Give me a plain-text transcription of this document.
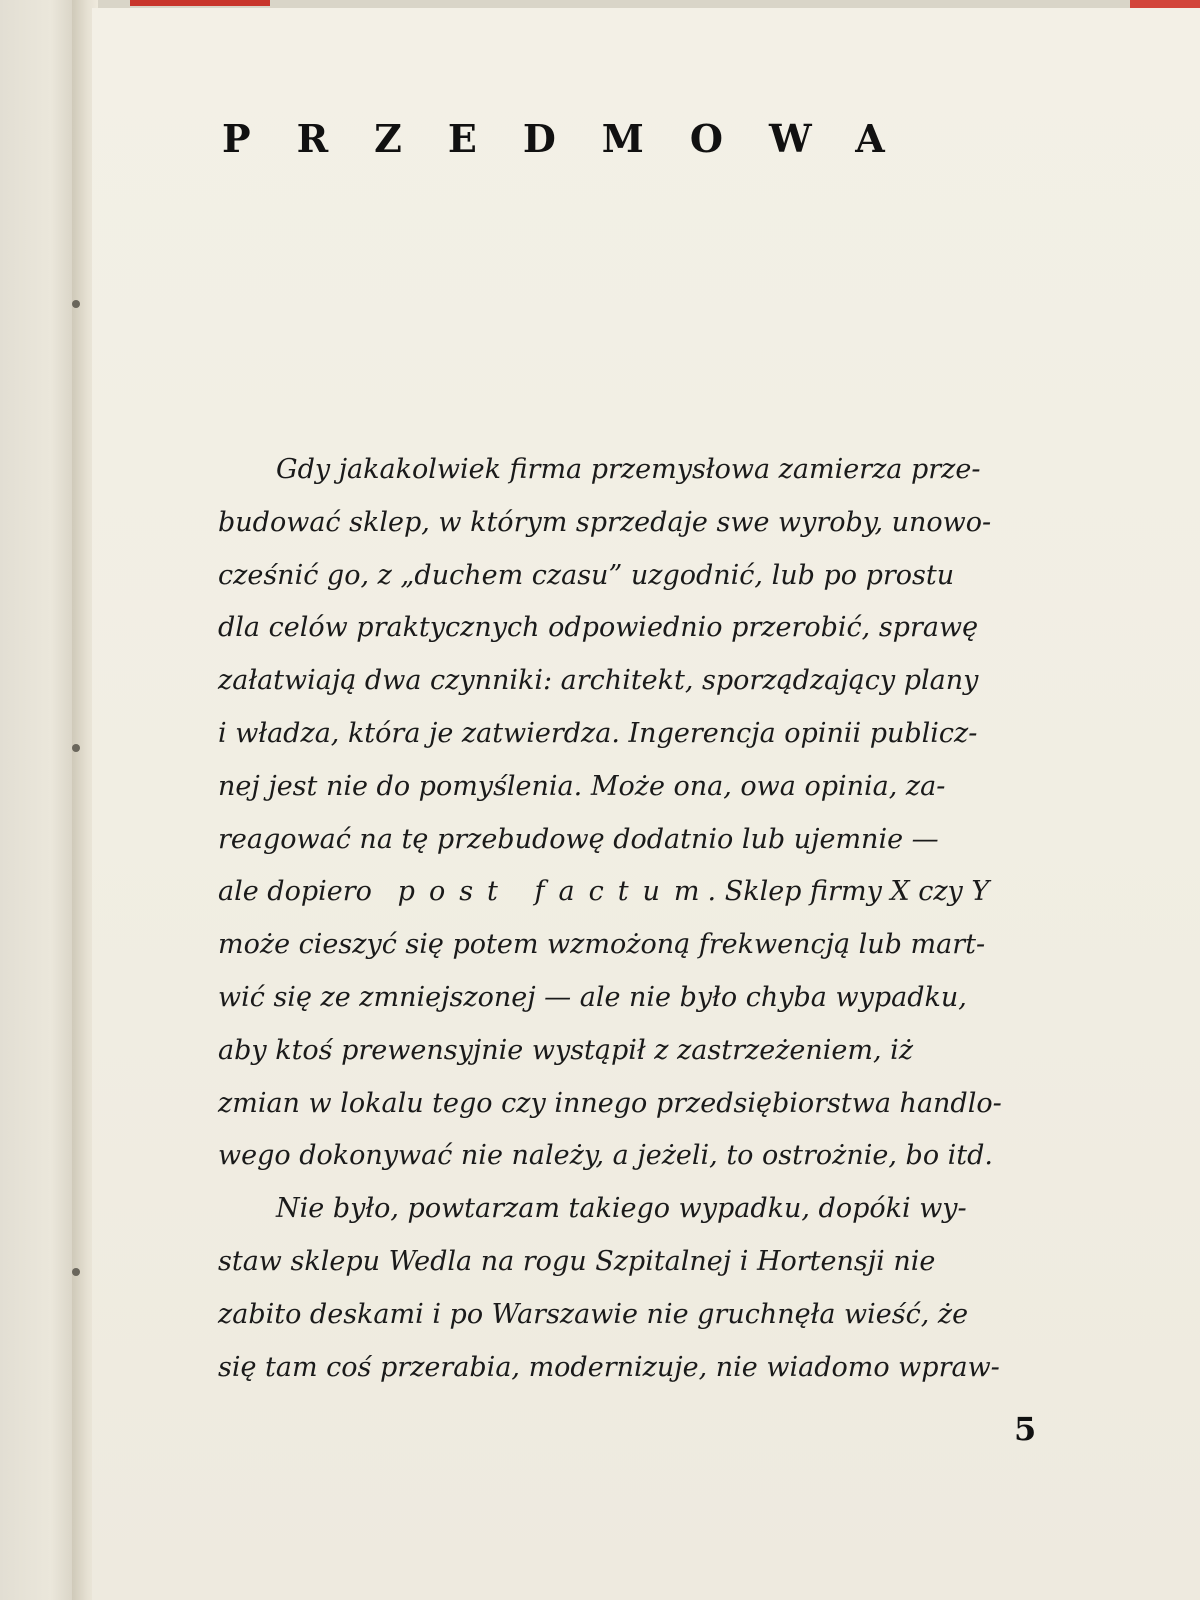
PRZEDMOWA
Gdy jakakolwiek firma przemysłowa zamierza prze-
budować sklep, w którym sprzedaje swe wyroby, unowo-
cześnić go, z „duchem czasu” uzgodnić, lub po prostu
dla celów praktycznych odpowiednio przerobić, sprawę
załatwiają dwa czynniki: architekt, sporządzający plany
i władza, która je zatwierdza. Ingerencja opinii publicz-
nej jest nie do pomyślenia. Może ona, owa opinia, za-
reagować na tę przebudowę dodatnio lub ujemnie —
ale dopiero
post factum
. Sklep firmy X czy Y
może cieszyć się potem wzmożoną frekwencją lub mart-
wić się ze zmniejszonej — ale nie było chyba wypadku,
aby ktoś prewensyjnie wystąpił z zastrzeżeniem, iż
zmian w lokalu tego czy innego przedsiębiorstwa handlo-
wego dokonywać nie należy, a jeżeli, to ostrożnie, bo itd.
Nie było, powtarzam takiego wypadku, dopóki wy-
staw sklepu Wedla na rogu Szpitalnej i Hortensji nie
zabito deskami i po Warszawie nie gruchnęła wieść, że
się tam coś przerabia, modernizuje, nie wiadomo wpraw-
5
